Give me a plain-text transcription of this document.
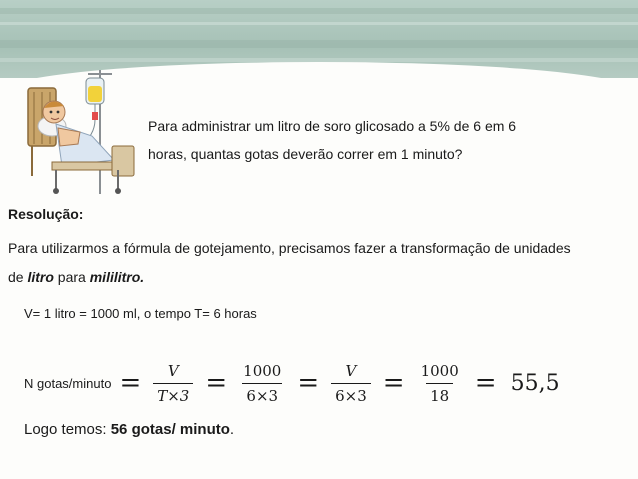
Para administrar um litro de soro glicosado a 5% de 6 em 6
horas, quantas gotas deverão correr em 1 minuto?

Resolução:

Para utilizarmos a fórmula de gotejamento, precisamos fazer a transformação de unidades de litro para mililitro.

V= 1 litro = 1000 ml, o tempo T= 6 horas

N gotas/minuto = $\frac{V}{T\times 3} = \frac{1000}{6\times 3} = \frac{V}{6\times 3} = \frac{1000}{18} = 55,5$

Logo temos: 56 gotas/ minuto.
